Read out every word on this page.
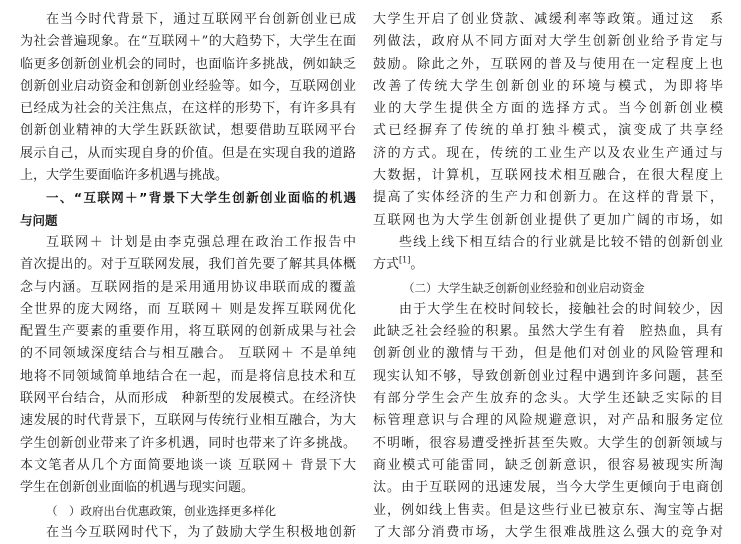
在当今时代背景下，通过互联网平台创新创业已成
为社会普遍现象。在“互联网＋”的大趋势下，大学生在面
临更多创新创业机会的同时，也面临许多挑战，例如缺乏
创新创业启动资金和创新创业经验等。如今，互联网创业
已经成为社会的关注焦点，在这样的形势下，有许多具有
创新创业精神的大学生跃跃欲试，想要借助互联网平台
展示自己，从而实现自身的价值。但是在实现自我的道路
上，大学生要面临许多机遇与挑战。
一、“互联网＋”背景下大学生创新创业面临的机遇
与问题
互联网＋ 计划是由李克强总理在政治工作报告中
首次提出的。对于互联网发展，我们首先要了解其具体概
念与内涵。互联网指的是采用通用协议串联而成的覆盖
全世界的庞大网络，而 互联网＋ 则是发挥互联网优化
配置生产要素的重要作用，将互联网的创新成果与社会
的不同领域深度结合与相互融合。 互联网＋ 不是单纯
地将不同领域简单地结合在一起，而是将信息技术和互
联网平台结合，从而形成　种新型的发展模式。在经济快
速发展的时代背景下，互联网与传统行业相互融合，为大
学生创新创业带来了许多机遇，同时也带来了许多挑战。
本文笔者从几个方面简要地谈一谈 互联网＋ 背景下大
学生在创新创业面临的机遇与现实问题。
（　）政府出台优惠政策，创业选择更多样化
在当今互联网时代下，为了鼓励大学生积极地创新
大学生开启了创业贷款、减缓利率等政策。通过这　系
列做法，政府从不同方面对大学生创新创业给予肯定与
鼓励。除此之外，互联网的普及与使用在一定程度上也
改善了传统大学生创新创业的环境与模式，为即将毕
业的大学生提供全方面的选择方式。当今创新创业模
式已经摒弃了传统的单打独斗模式，演变成了共享经
济的方式。现在，传统的工业生产以及农业生产通过与
大数据，计算机，互联网技术相互融合，在很大程度上
提高了实体经济的生产力和创新力。在这样的背景下，
互联网也为大学生创新创业提供了更加广阔的市场，如
些线上线下相互结合的行业就是比较不错的创新创业
方式[1]。
（二）大学生缺乏创新创业经验和创业启动资金
由于大学生在校时间较长，接触社会的时间较少，因
此缺乏社会经验的积累。虽然大学生有着　腔热血，具有
创新创业的激情与干劲，但是他们对创业的风险管理和
现实认知不够，导致创新创业过程中遇到许多问题，甚至
有部分学生会产生放弃的念头。大学生还缺乏实际的目
标管理意识与合理的风险规避意识，对产品和服务定位
不明晰，很容易遭受挫折甚至失败。大学生的创新领域与
商业模式可能雷同，缺乏创新意识，很容易被现实所淘
汰。由于互联网的迅速发展，当今大学生更倾向于电商创
业，例如线上售卖。但是这些行业已被京东、淘宝等占据
了大部分消费市场，大学生很难战胜这么强大的竞争对
